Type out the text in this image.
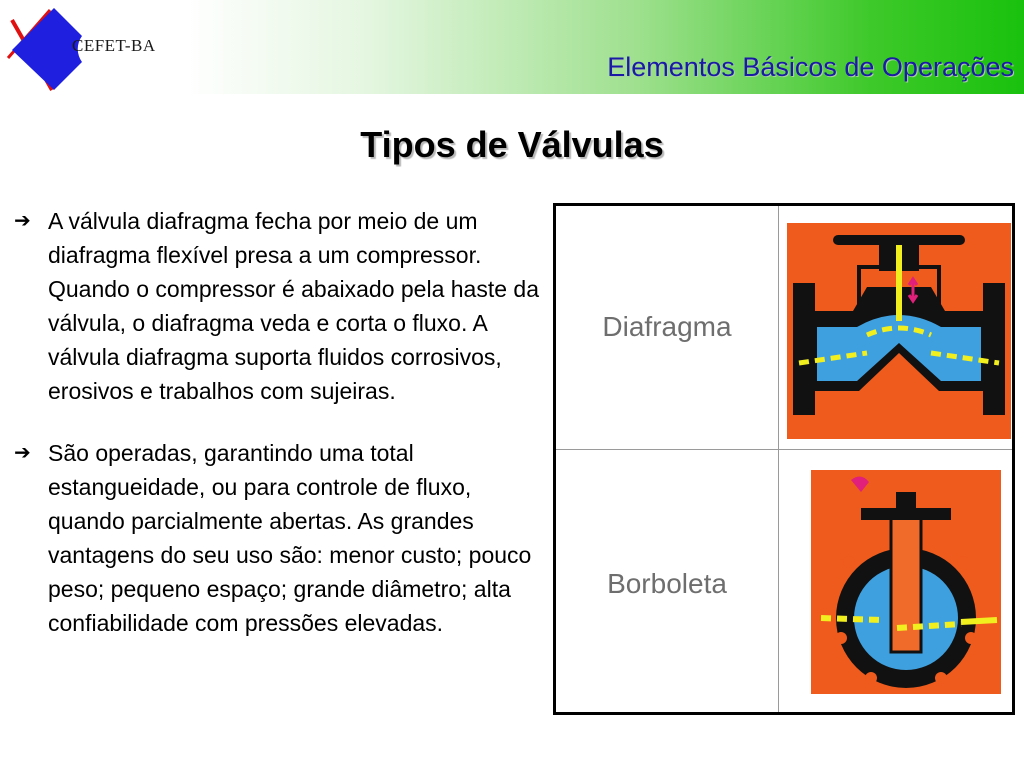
CEFET-BA
Elementos Básicos de Operações
Tipos de Válvulas
➔ A válvula diafragma fecha por meio de um diafragma flexível presa a um compressor. Quando o compressor é abaixado pela haste da válvula, o diafragma veda e corta o fluxo. A válvula diafragma suporta fluidos corrosivos, erosivos e trabalhos com sujeiras.
➔ São operadas, garantindo uma total estangueidade, ou para controle de fluxo, quando parcialmente abertas. As grandes vantagens do seu uso são: menor custo; pouco peso; pequeno espaço; grande diâmetro; alta confiabilidade com pressões elevadas.
Diafragma
Borboleta
